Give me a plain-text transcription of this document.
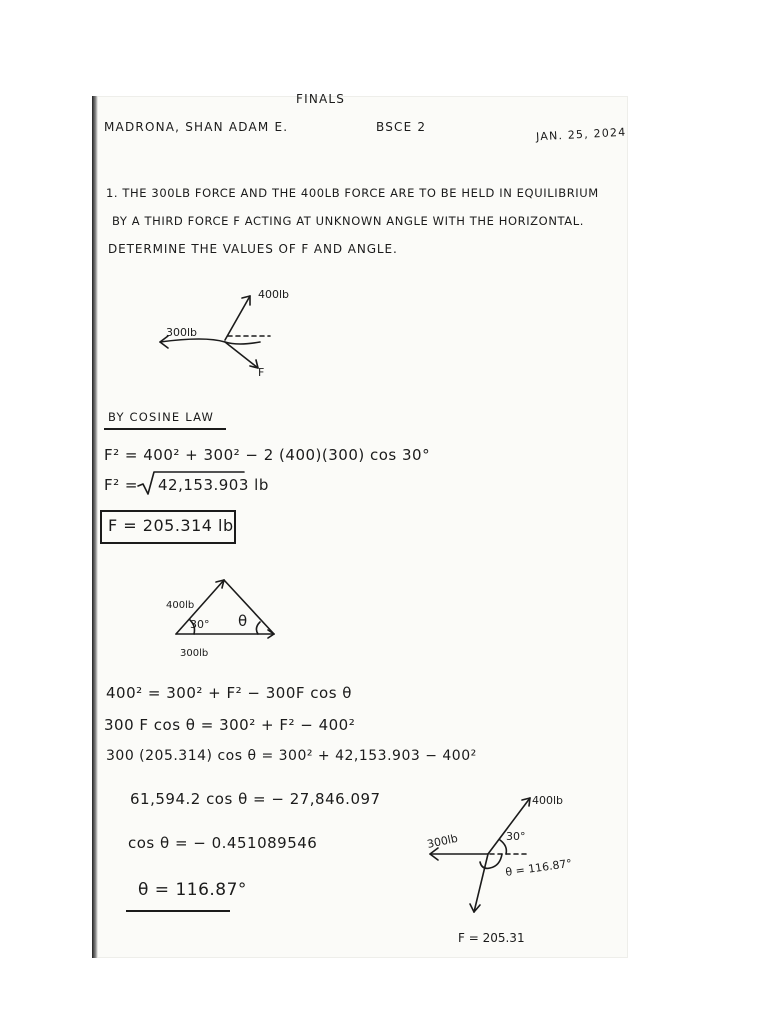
FINALS
MADRONA, SHAN ADAM E.	BSCE 2	JAN. 25, 2024
1. THE 300LB FORCE AND THE 400LB FORCE ARE TO BE HELD IN EQUILIBRIUM
BY A THIRD FORCE F ACTING AT UNKNOWN ANGLE WITH THE HORIZONTAL.
DETERMINE THE VALUES OF F AND ANGLE.
400lb
300lb
F
BY COSINE LAW
F² = 400² + 300² − 2 (400)(300) cos 30°
F² = 42,153.903 lb
F = 205.314 lb
400lb
30° θ
300lb
400² = 300² + F² − 300F cos θ
300 F cos θ = 300² + F² − 400²
300 (205.314) cos θ = 300² + 42,153.903 − 400²
61,594.2 cos θ = − 27,846.097
cos θ = − 0.451089546
θ = 116.87°
400lb
300lb	30°
θ = 116.87°
F = 205.31
